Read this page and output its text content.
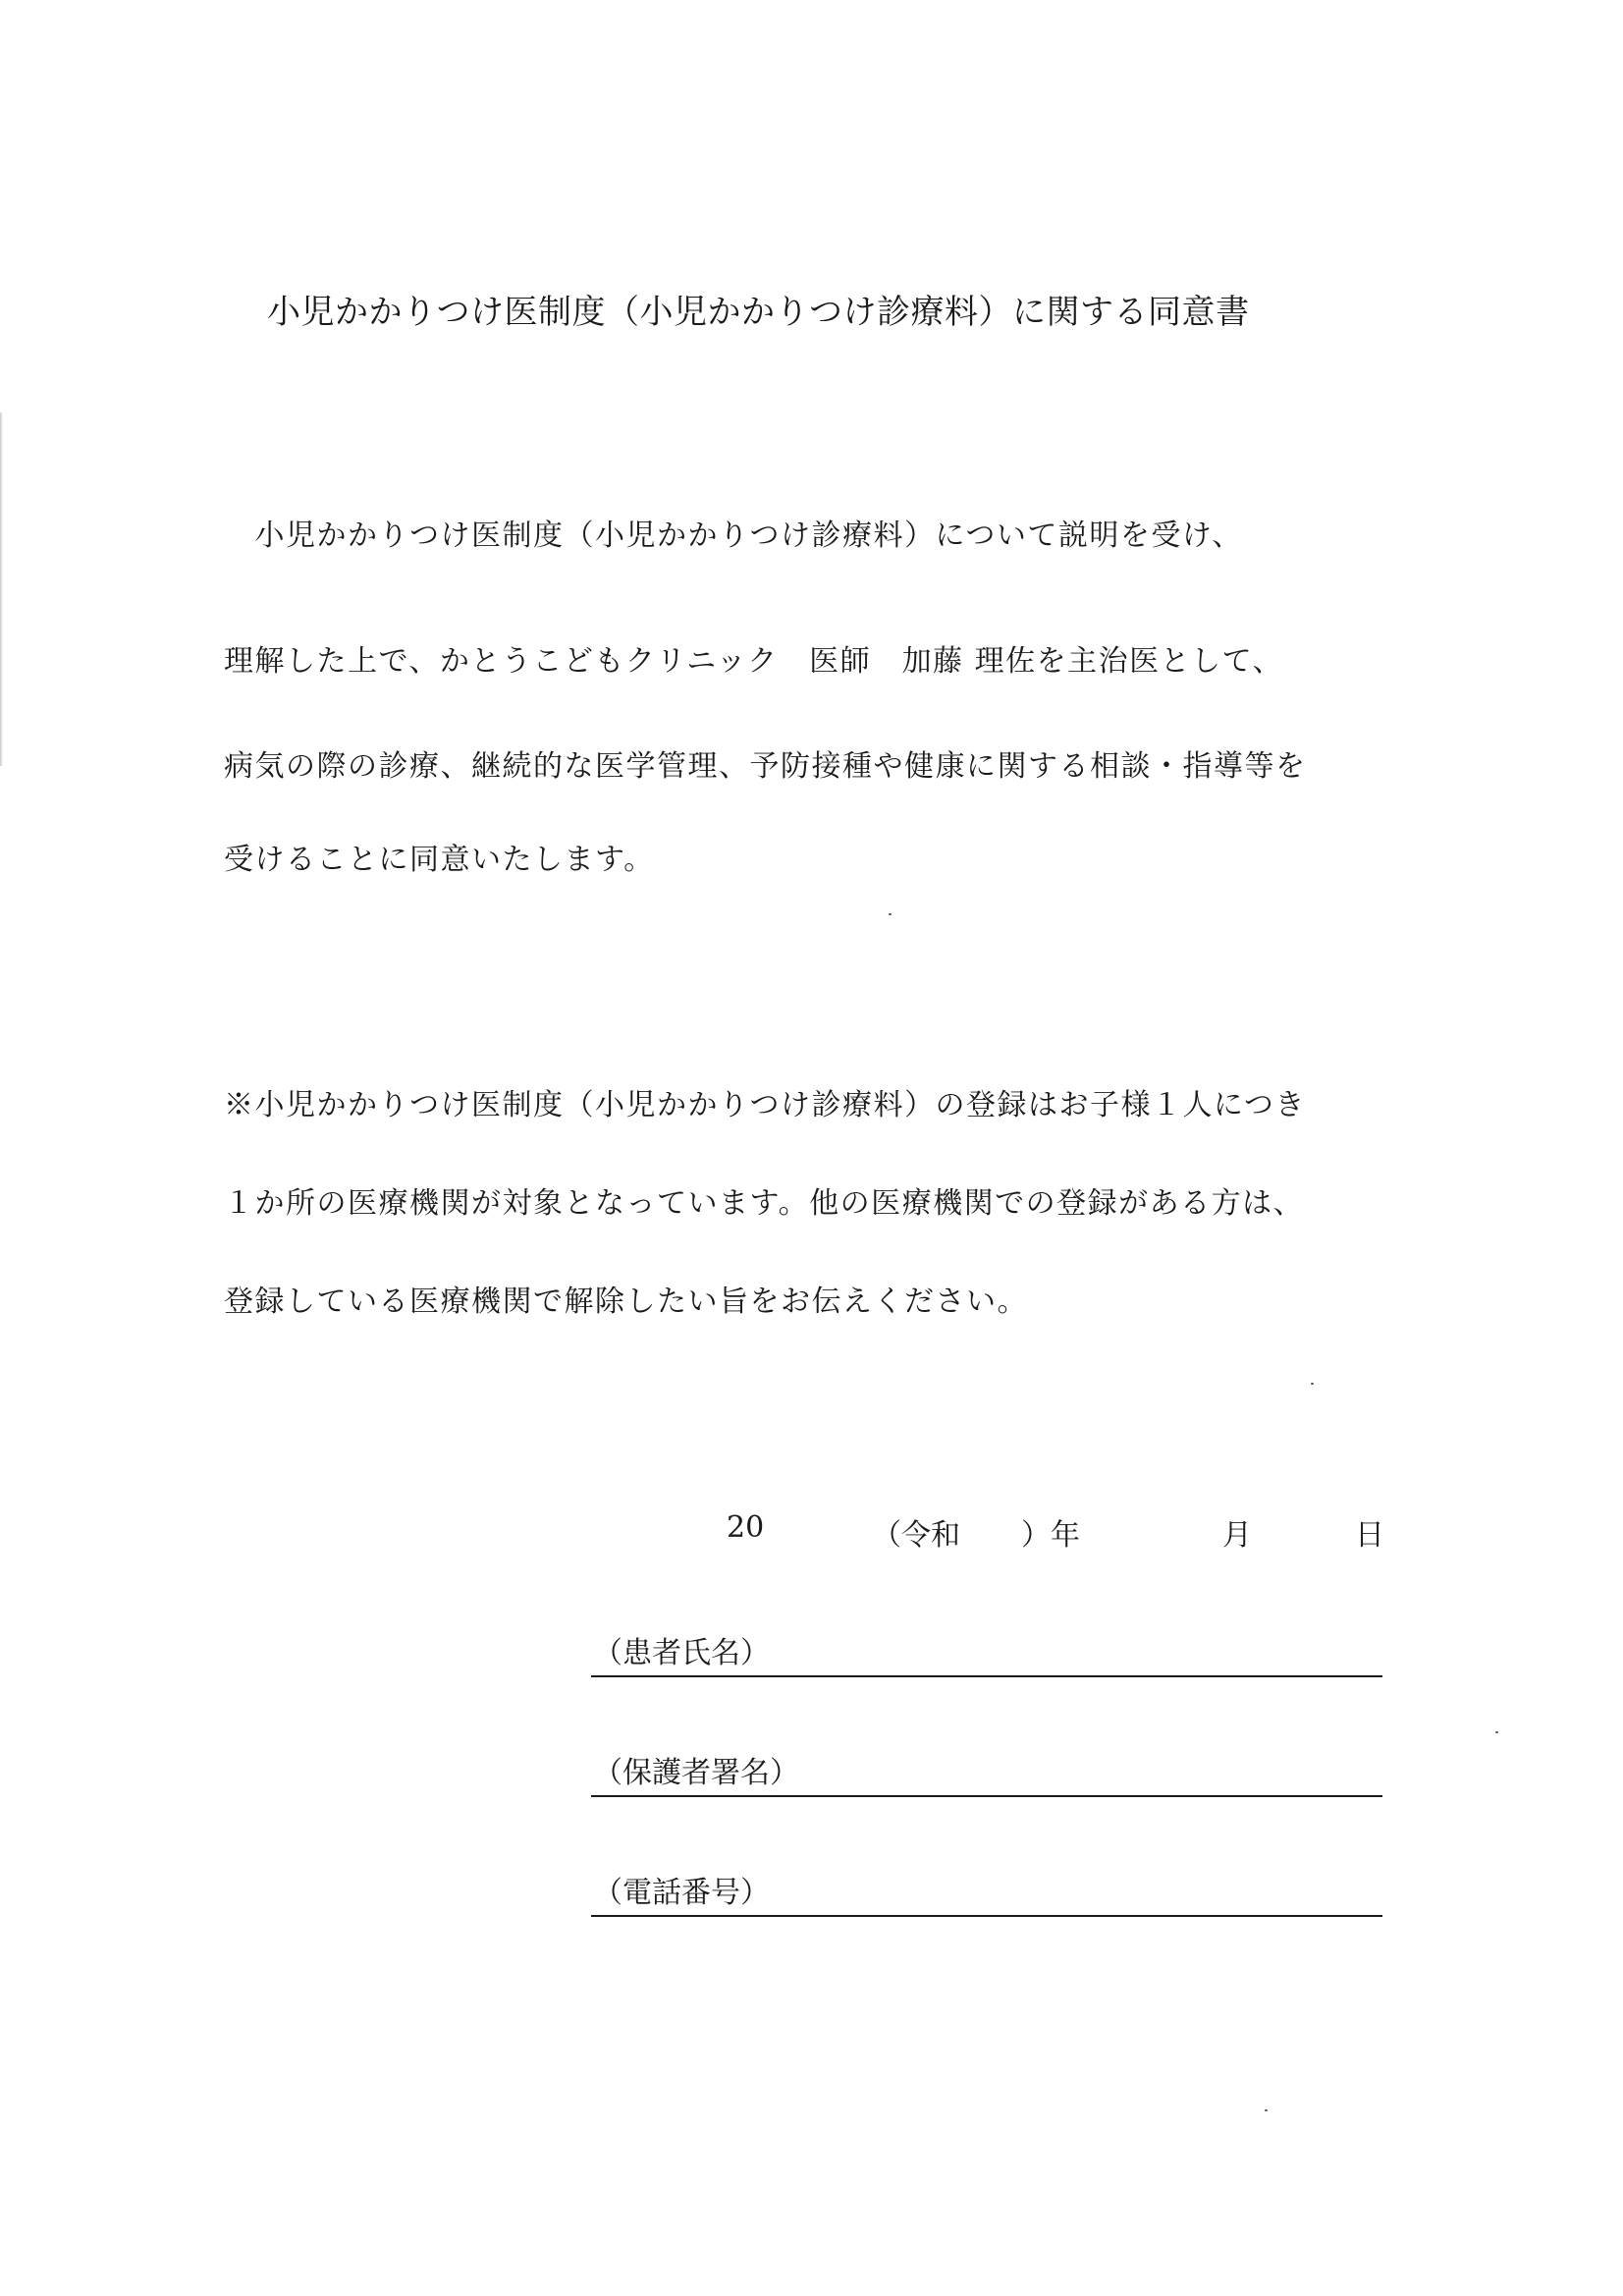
小児かかりつけ医制度（小児かかりつけ診療料）に関する同意書
　小児かかりつけ医制度（小児かかりつけ診療料）について説明を受け、
理解した上で、かとうこどもクリニック　医師　加藤 理佐を主治医として、
病気の際の診療、継続的な医学管理、予防接種や健康に関する相談・指導等を
受けることに同意いたします。
※小児かかりつけ医制度（小児かかりつけ診療料）の登録はお子様１人につき
１か所の医療機関が対象となっています。他の医療機関での登録がある方は、
登録している医療機関で解除したい旨をお伝えください。
20	（令和 ）年	月	日
（患者氏名）
（保護者署名）
（電話番号）
